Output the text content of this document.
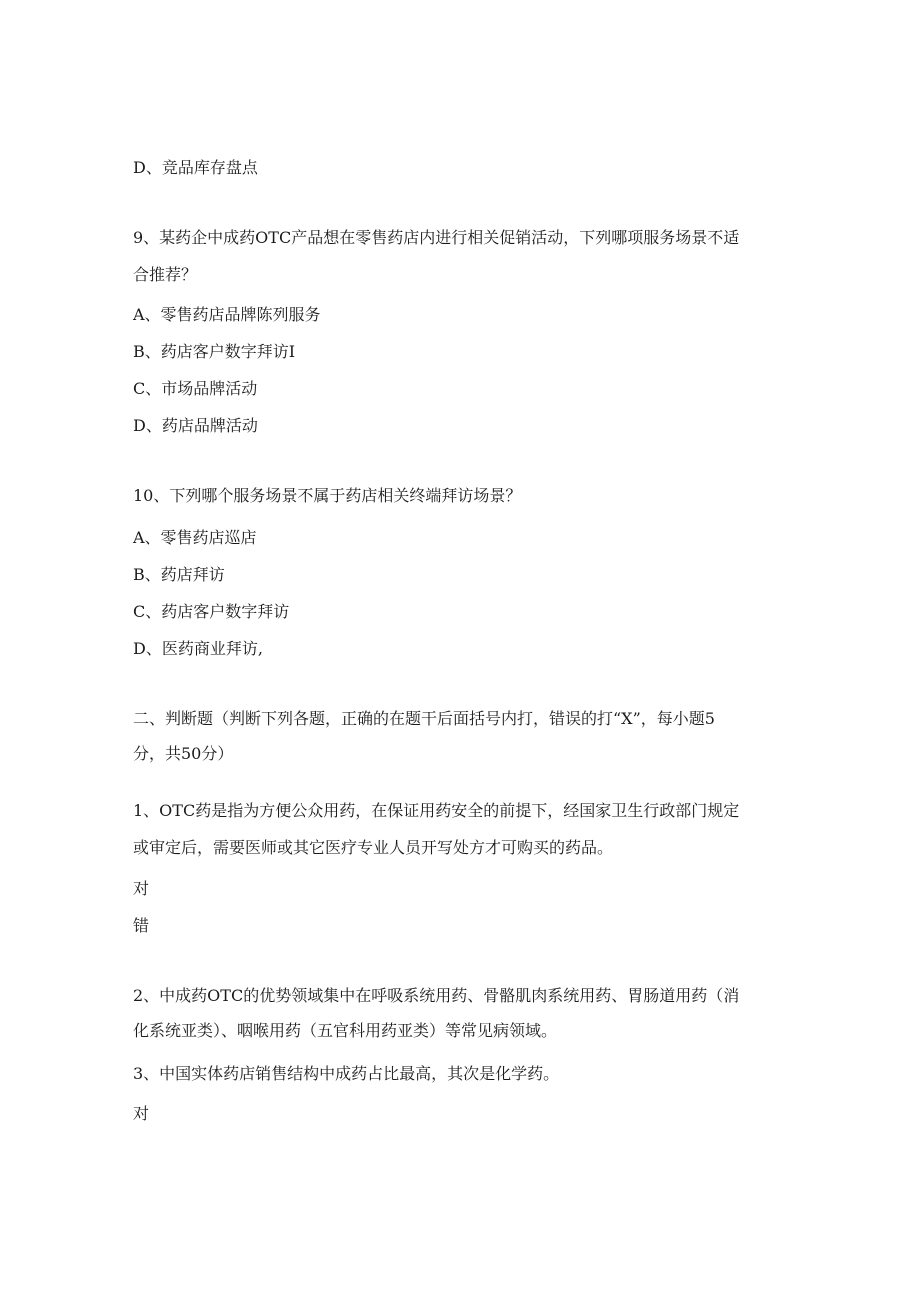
D、竞品库存盘点
9、某药企中成药OTC产品想在零售药店内进行相关促销活动，下列哪项服务场景不适
合推荐？
A、零售药店品牌陈列服务
B、药店客户数字拜访I
C、市场品牌活动
D、药店品牌活动
10、下列哪个服务场景不属于药店相关终端拜访场景？
A、零售药店巡店
B、药店拜访
C、药店客户数字拜访
D、医药商业拜访,
二、判断题（判断下列各题，正确的在题干后面括号内打，错误的打“X”，每小题5
分，共50分）
1、OTC药是指为方便公众用药，在保证用药安全的前提下，经国家卫生行政部门规定
或审定后，需要医师或其它医疗专业人员开写处方才可购买的药品。
对
错
2、中成药OTC的优势领域集中在呼吸系统用药、骨骼肌肉系统用药、胃肠道用药（消
化系统亚类）、咽喉用药（五官科用药亚类）等常见病领域。
3、中国实体药店销售结构中成药占比最高，其次是化学药。
对
